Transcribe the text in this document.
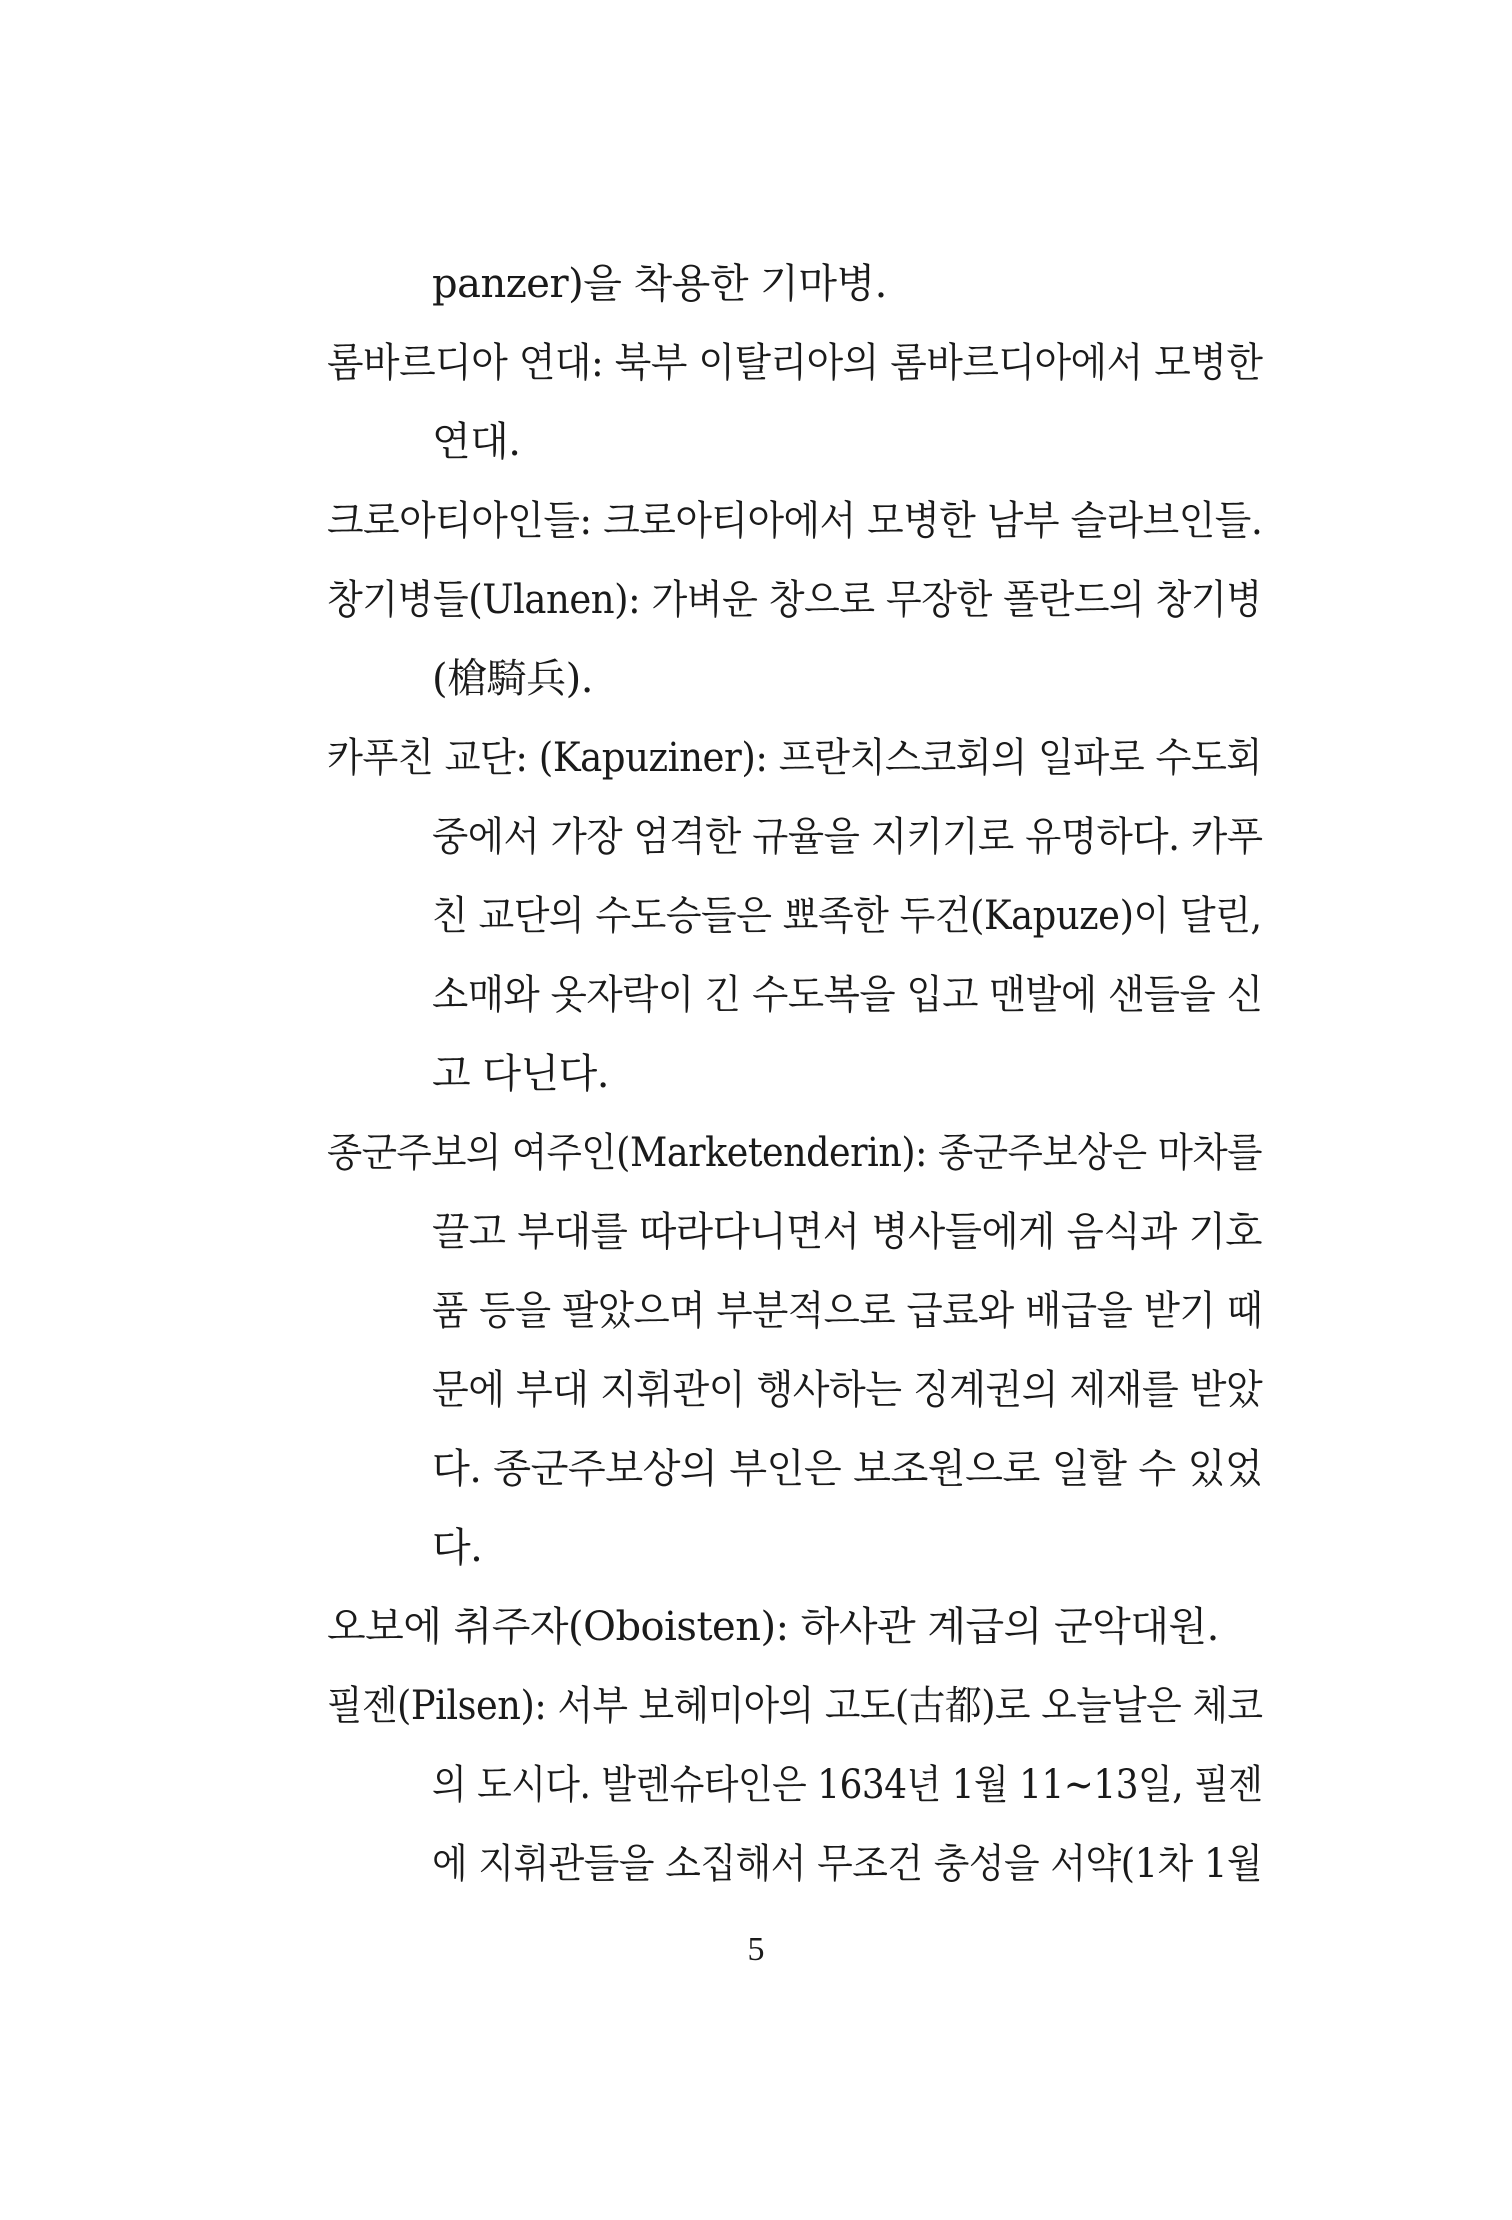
panzer)을 착용한 기마병.
롬바르디아 연대: 북부 이탈리아의 롬바르디아에서 모병한
연대.
크로아티아인들: 크로아티아에서 모병한 남부 슬라브인들.
창기병들(Ulanen): 가벼운 창으로 무장한 폴란드의 창기병
(槍騎兵).
카푸친 교단: (Kapuziner): 프란치스코회의 일파로 수도회
중에서 가장 엄격한 규율을 지키기로 유명하다. 카푸
친 교단의 수도승들은 뾰족한 두건(Kapuze)이 달린,
소매와 옷자락이 긴 수도복을 입고 맨발에 샌들을 신
고 다닌다.
종군주보의 여주인(Marketenderin): 종군주보상은 마차를
끌고 부대를 따라다니면서 병사들에게 음식과 기호
품 등을 팔았으며 부분적으로 급료와 배급을 받기 때
문에 부대 지휘관이 행사하는 징계권의 제재를 받았
다. 종군주보상의 부인은 보조원으로 일할 수 있었
다.
오보에 취주자(Oboisten): 하사관 계급의 군악대원.
필젠(Pilsen): 서부 보헤미아의 고도(古都)로 오늘날은 체코
의 도시다. 발렌슈타인은 1634년 1월 11~13일, 필젠
에 지휘관들을 소집해서 무조건 충성을 서약(1차 1월
5
